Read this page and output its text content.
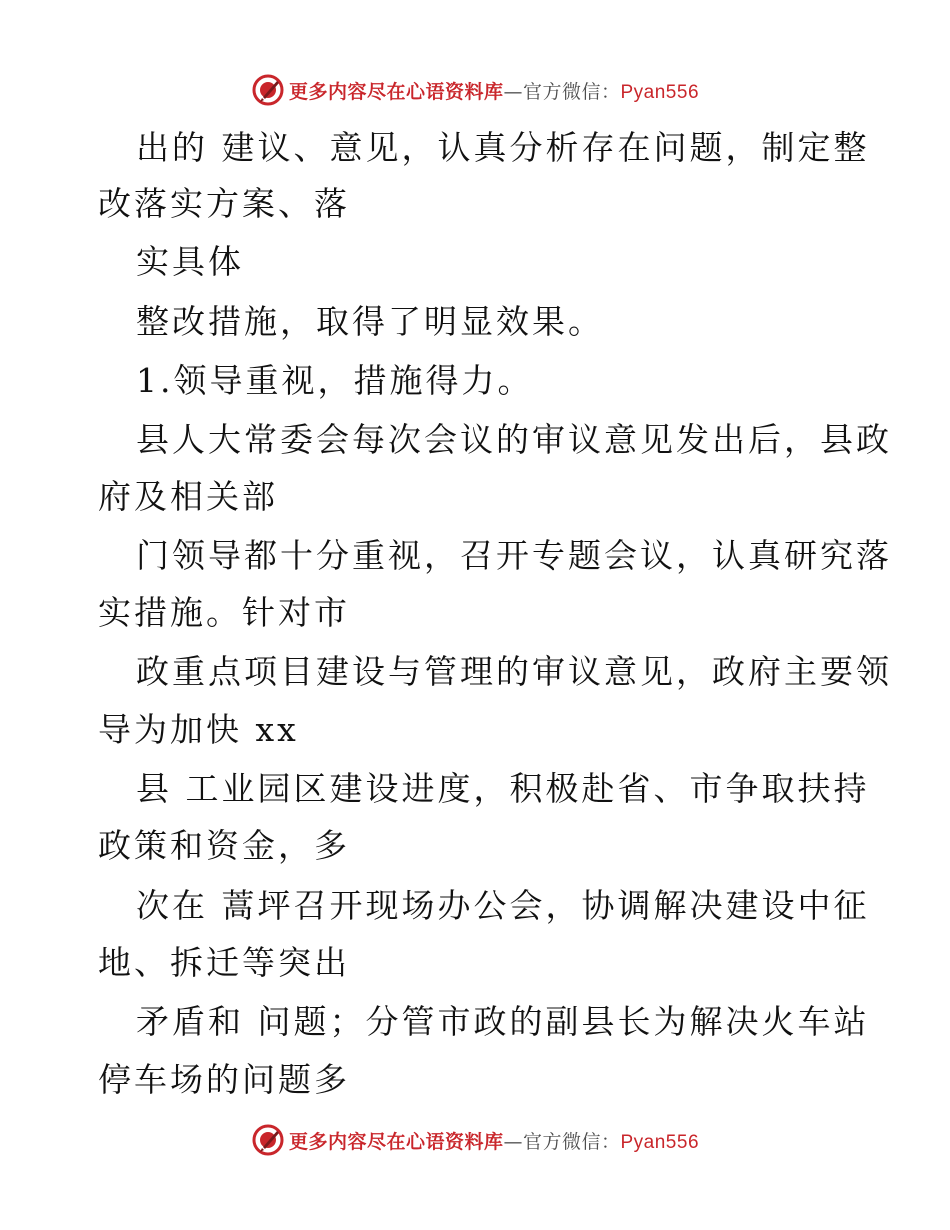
更多内容尽在心语资料库—官方微信：Pyan556
出的 建议、意见，认真分析存在问题，制定整
改落实方案、落
实具体
整改措施，取得了明显效果。
1.领导重视，措施得力。
县人大常委会每次会议的审议意见发出后，县政
府及相关部
门领导都十分重视，召开专题会议，认真研究落
实措施。针对市
政重点项目建设与管理的审议意见，政府主要领
导为加快 xx
县 工业园区建设进度，积极赴省、市争取扶持
政策和资金，多
次在 蒿坪召开现场办公会，协调解决建设中征
地、拆迁等突出
矛盾和 问题；分管市政的副县长为解决火车站
停车场的问题多
更多内容尽在心语资料库—官方微信：Pyan556
